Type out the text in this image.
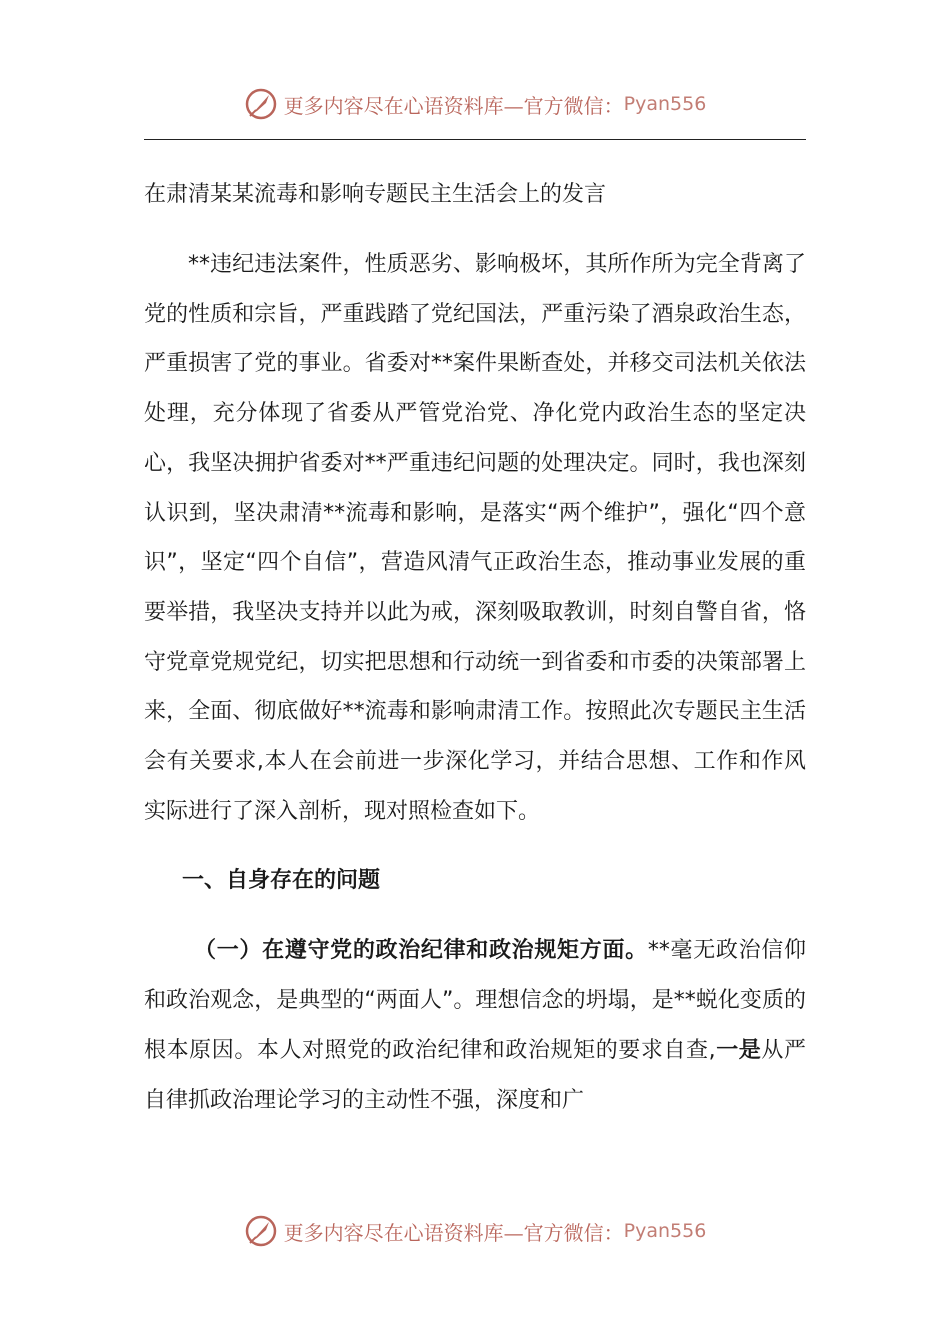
更多内容尽在心语资料库—官方微信： Pyan556

在肃清某某流毒和影响专题民主生活会上的发言

**违纪违法案件，性质恶劣、影响极坏，其所作所为完全背离了党的性质和宗旨，严重践踏了党纪国法，严重污染了酒泉政治生态，严重损害了党的事业。省委对**案件果断查处，并移交司法机关依法处理，充分体现了省委从严管党治党、净化党内政治生态的坚定决心，我坚决拥护省委对**严重违纪问题的处理决定。同时，我也深刻认识到，坚决肃清**流毒和影响，是落实“两个维护”，强化“四个意识”，坚定“四个自信”，营造风清气正政治生态，推动事业发展的重要举措，我坚决支持并以此为戒，深刻吸取教训，时刻自警自省，恪守党章党规党纪，切实把思想和行动统一到省委和市委的决策部署上来，全面、彻底做好**流毒和影响肃清工作。按照此次专题民主生活会有关要求,本人在会前进一步深化学习，并结合思想、工作和作风实际进行了深入剖析，现对照检查如下。

一、自身存在的问题

（一）在遵守党的政治纪律和政治规矩方面。**毫无政治信仰和政治观念，是典型的“两面人”。理想信念的坍塌，是**蜕化变质的根本原因。本人对照党的政治纪律和政治规矩的要求自查,一是从严自律抓政治理论学习的主动性不强，深度和广

更多内容尽在心语资料库—官方微信： Pyan556
